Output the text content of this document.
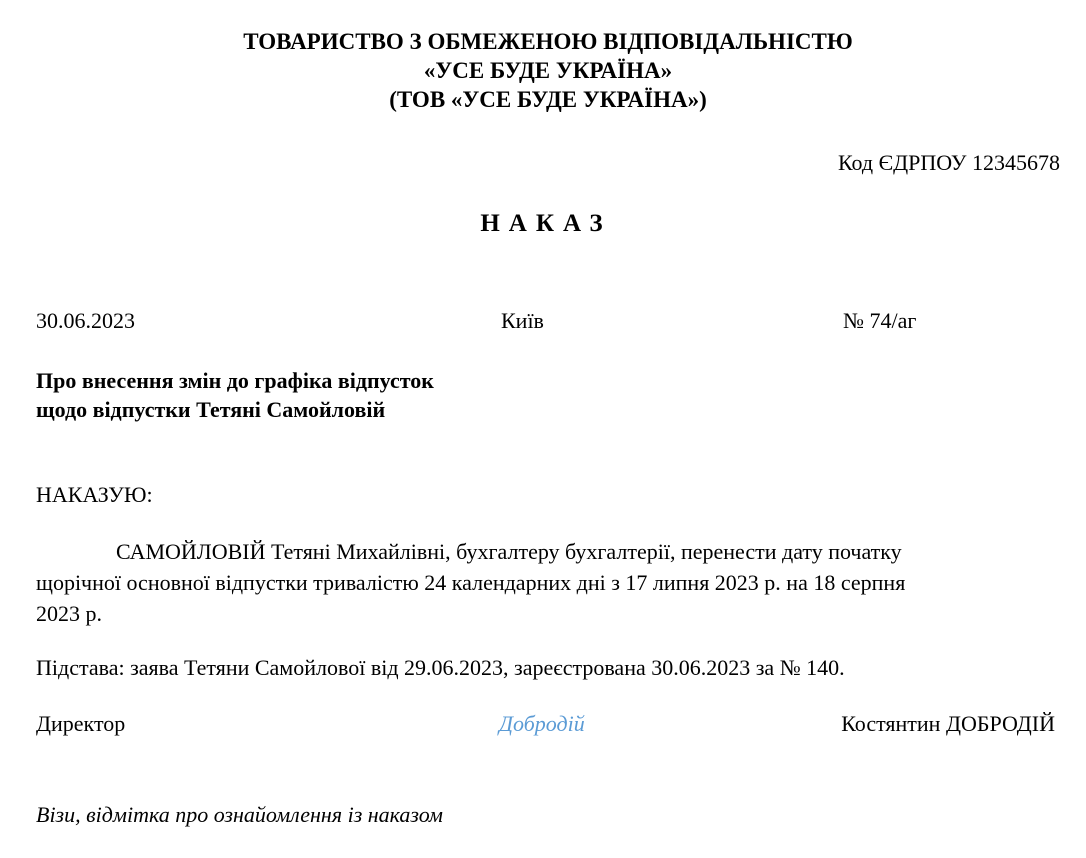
ТОВАРИСТВО З ОБМЕЖЕНОЮ ВІДПОВІДАЛЬНІСТЮ
«УСЕ БУДЕ УКРАЇНА»
(ТОВ «УСЕ БУДЕ УКРАЇНА»)
Код ЄДРПОУ 12345678
НАКАЗ
30.06.2023	Київ	№ 74/аг
Про внесення змін до графіка відпусток
щодо відпустки Тетяні Самойловій
НАКАЗУЮ:
САМОЙЛОВІЙ Тетяні Михайлівні, бухгалтеру бухгалтерії, перенести дату початку
щорічної основної відпустки тривалістю 24 календарних дні з 17 липня 2023 р. на 18 серпня
2023 р.
Підстава: заява Тетяни Самойлової від 29.06.2023, зареєстрована 30.06.2023 за № 140.
Директор	Добродій	Костянтин ДОБРОДІЙ
Візи, відмітка про ознайомлення із наказом
